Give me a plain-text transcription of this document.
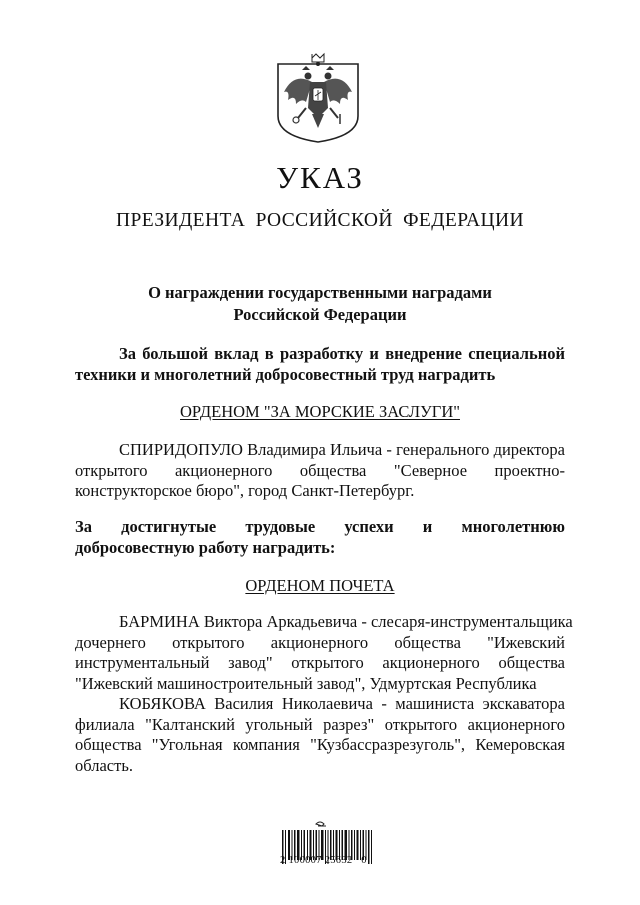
УКАЗ
ПРЕЗИДЕНТА РОССИЙСКОЙ ФЕДЕРАЦИИ
О награждении государственными наградами
Российской Федерации
За большой вклад в разработку и внедрение специальной
техники и многолетний добросовестный труд наградить
ОРДЕНОМ "ЗА МОРСКИЕ ЗАСЛУГИ"
СПИРИДОПУЛО Владимира Ильича - генерального директора
открытого акционерного общества "Северное проектно-
конструкторское бюро", город Санкт-Петербург.
За достигнутые трудовые успехи и многолетнюю
добросовестную работу наградить:
ОРДЕНОМ ПОЧЕТА
БАРМИНА Виктора Аркадьевича - слесаря-инструментальщика
дочернего открытого акционерного общества "Ижевский
инструментальный завод" открытого акционерного общества
"Ижевский машиностроительный завод", Удмуртская Республика
КОБЯКОВА Василия Николаевича - машиниста экскаватора
филиала "Калтанский угольный разрез" открытого акционерного
общества "Угольная компания "Кузбассразрезуголь", Кемеровская
область.
2 100007 25632   0
